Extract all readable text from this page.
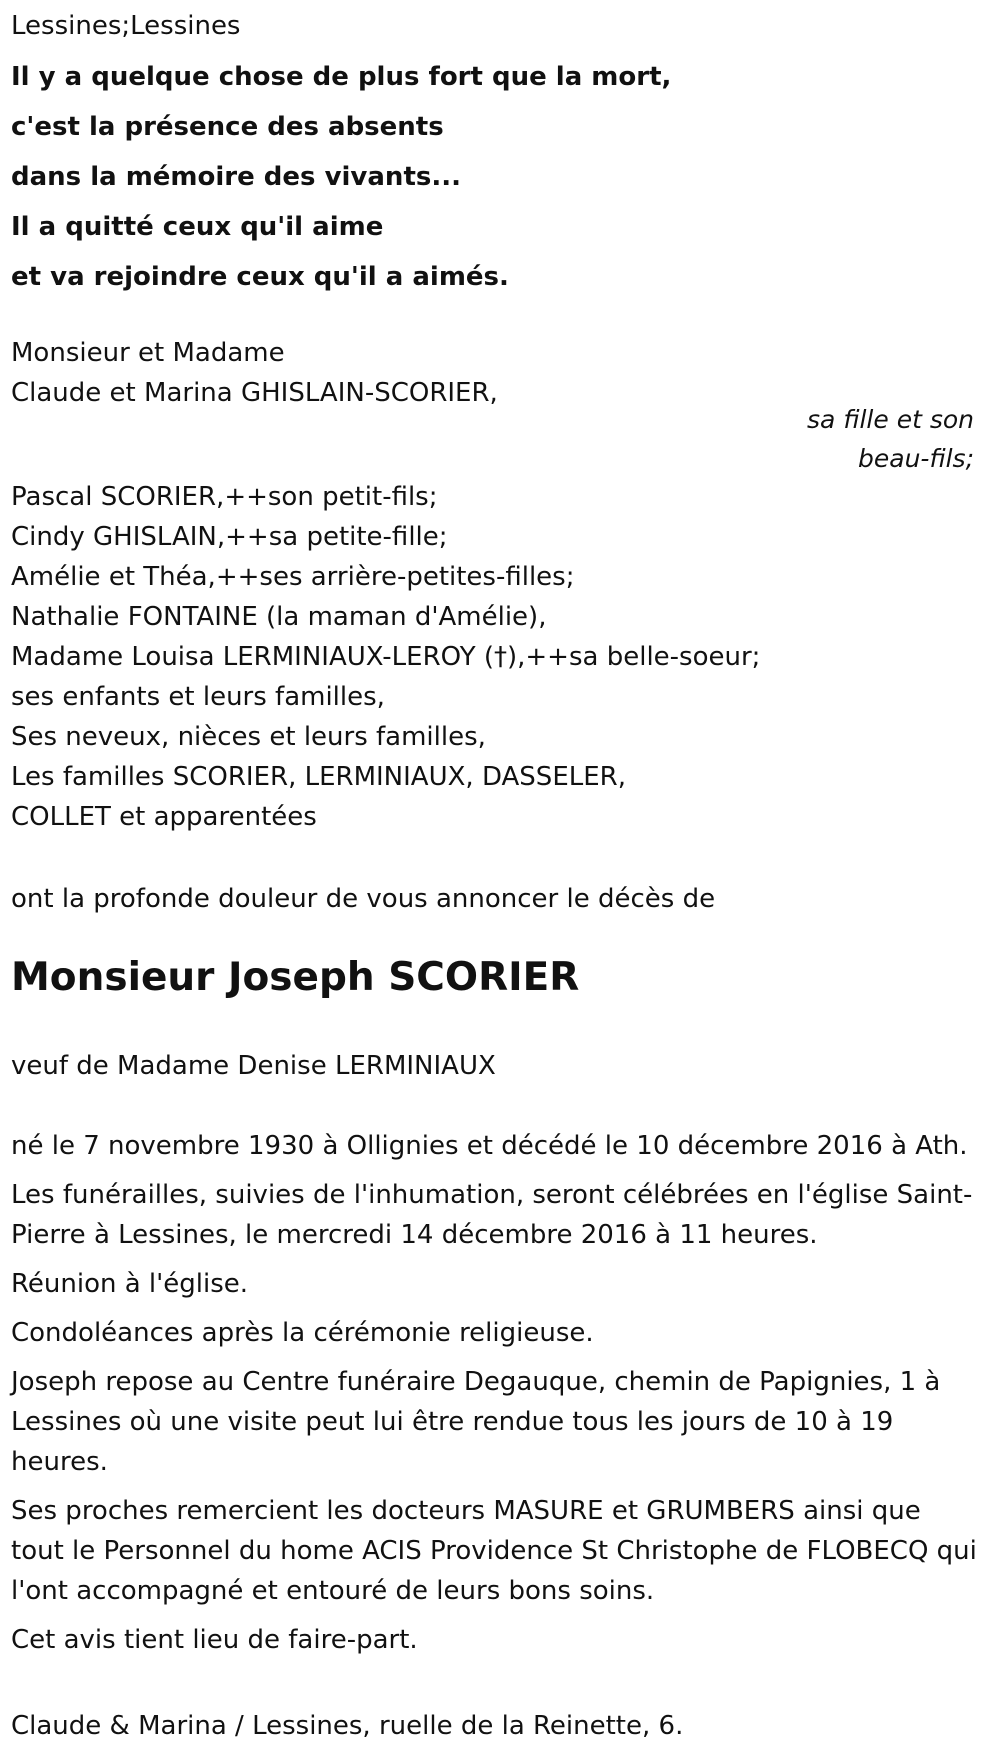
Lessines;Lessines
Il y a quelque chose de plus fort que la mort,
c'est la présence des absents
dans la mémoire des vivants...
Il a quitté ceux qu'il aime
et va rejoindre ceux qu'il a aimés.
Monsieur et Madame
Claude et Marina GHISLAIN-SCORIER,
sa fille et son
beau-fils;
Pascal SCORIER,++son petit-fils;
Cindy GHISLAIN,++sa petite-fille;
Amélie et Théa,++ses arrière-petites-filles;
Nathalie FONTAINE (la maman d'Amélie),
Madame Louisa LERMINIAUX-LEROY (†),++sa belle-soeur;
ses enfants et leurs familles,
Ses neveux, nièces et leurs familles,
Les familles SCORIER, LERMINIAUX, DASSELER,
COLLET et apparentées
ont la profonde douleur de vous annoncer le décès de
Monsieur Joseph SCORIER
veuf de Madame Denise LERMINIAUX

né le 7 novembre 1930 à Ollignies et décédé le 10 décembre 2016 à Ath.

Les funérailles, suivies de l'inhumation, seront célébrées en l'église Saint-Pierre à Lessines, le mercredi 14 décembre 2016 à 11 heures.

Réunion à l'église.

Condoléances après la cérémonie religieuse.

Joseph repose au Centre funéraire Degauque, chemin de Papignies, 1 à Lessines où une visite peut lui être rendue tous les jours de 10 à 19 heures.

Ses proches remercient les docteurs MASURE et GRUMBERS ainsi que tout le Personnel du home ACIS Providence St Christophe de FLOBECQ qui l'ont accompagné et entouré de leurs bons soins.

Cet avis tient lieu de faire-part.

Claude & Marina / Lessines, ruelle de la Reinette, 6.
